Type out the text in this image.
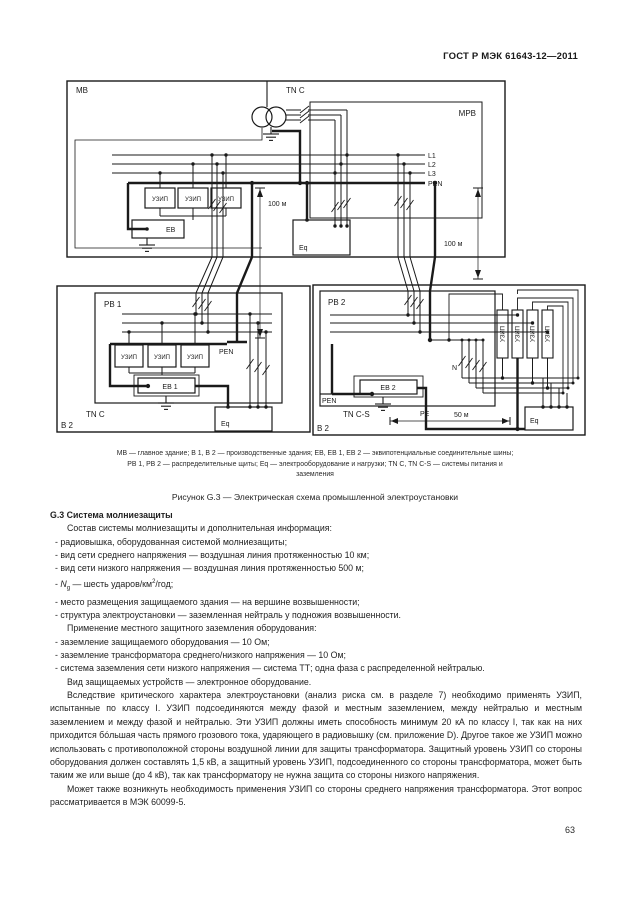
ГОСТ Р МЭК 61643-12—2011
МВ	TN C
МРВ
L1
L2
L3
PEN
УЗИП	УЗИП	УЗИП
ЕВ
Eq
100 м
100 м
РВ 1
PEN
УЗИП	УЗИП	УЗИП
ЕВ 1
TN C
Eq
В 2
РВ 2
N
ЕВ 2
PEN
TN C-S	PE	50 м
Eq
В 2
УЗИП УЗИП УЗИП УЗИП
МВ — главное здание; В 1, В 2 — производственные здания; ЕВ, ЕВ 1, ЕВ 2 — эквипотенциальные соединительные шины;
РВ 1, РВ 2 — распределительные щиты; Eq — электрооборудование и нагрузки; TN C, TN C-S — системы питания и
заземления
Рисунок G.3 — Электрическая схема промышленной электроустановки

G.3 Система молниезащиты

Состав системы молниезащиты и дополнительная информация:

- радиовышка, оборудованная системой молниезащиты;

- вид сети среднего напряжения — воздушная линия протяженностью 10 км;

- вид сети низкого напряжения — воздушная линия протяженностью 500 м;

- $N_g$ — шесть ударов/$км^2$/год;

- место размещения защищаемого здания — на вершине возвышенности;

- структура электроустановки — заземленная нейтраль у подножия возвышенности.

Применение местного защитного заземления оборудования:

- заземление защищаемого оборудования — 10 Ом;

- заземление трансформатора среднего/низкого напряжения — 10 Ом;

- система заземления сети низкого напряжения — система ТТ; одна фаза с распределенной нейтралью.

Вид защищаемых устройств — электронное оборудование.

Вследствие критического характера электроустановки (анализ риска см. в разделе 7) необходимо применять УЗИП, испытанные по классу I. УЗИП подсоединяются между фазой и местным заземлением, между нейтралью и местным заземлением и между фазой и нейтралью. Эти УЗИП должны иметь способность минимум 20 кА по классу I, так как на них приходится бо́льшая часть прямого грозового тока, ударяющего в радиовышку (см. приложение D). Другое такое же УЗИП можно использовать с противоположной стороны воздушной линии для защиты трансформатора. Защитный уровень УЗИП со стороны оборудования должен составлять 1,5 кВ, а защитный уровень УЗИП, подсоединенного со стороны трансформатора, может быть таким же или выше (до 4 кВ), так как трансформатору не нужна защита со стороны низкого напряжения.

Может также возникнуть необходимость применения УЗИП со стороны среднего напряжения трансформатора. Этот вопрос рассматривается в МЭК 60099-5.

63
